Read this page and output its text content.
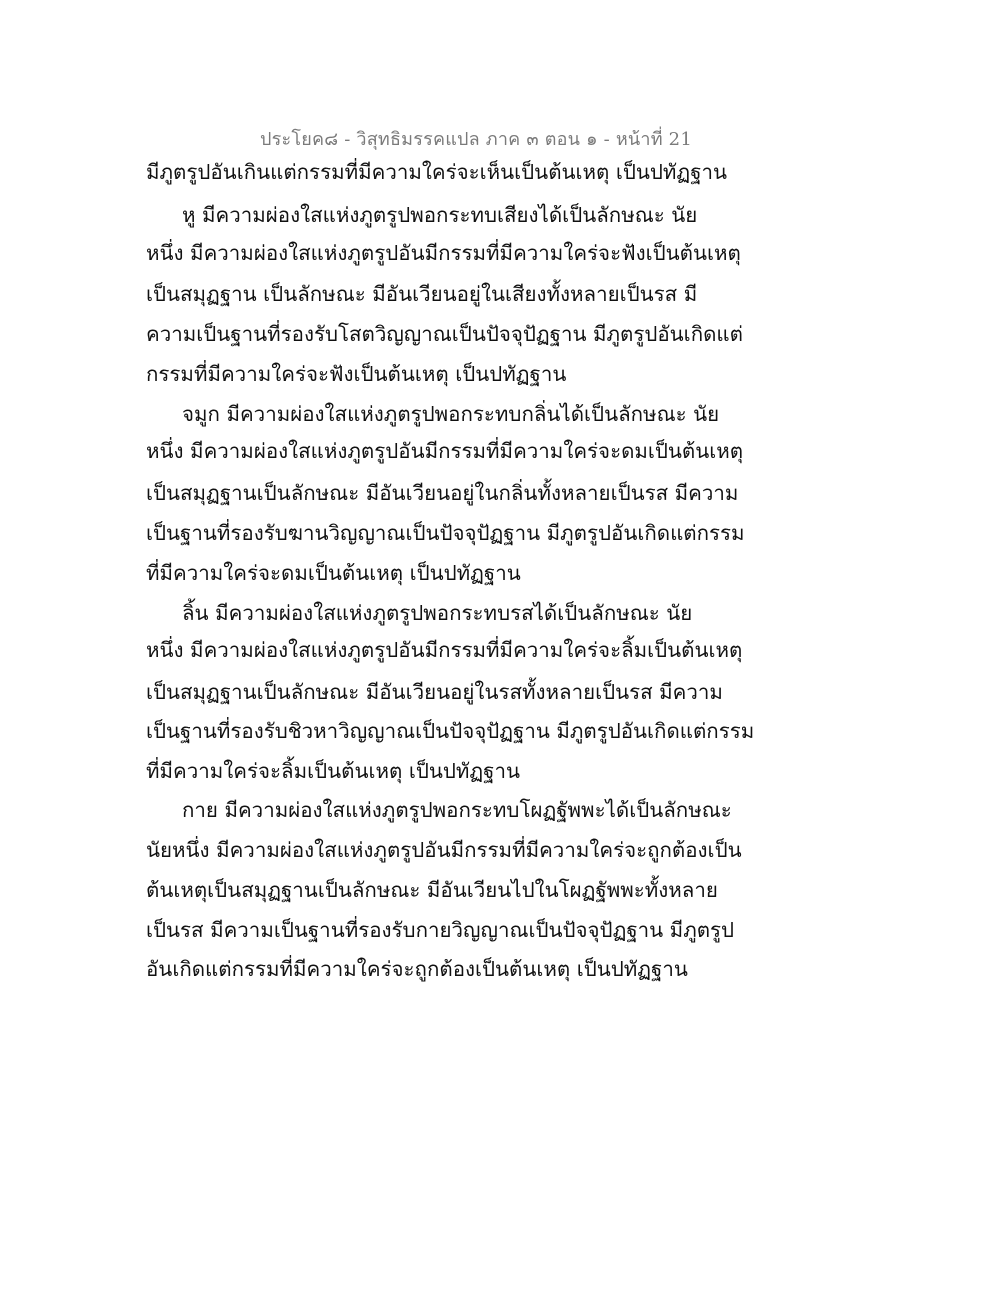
ประโยค๘ - วิสุทธิมรรคแปล ภาค ๓ ตอน ๑ - หน้าที่ 21
มีภูตรูปอันเกินแต่กรรมที่มีความใคร่จะเห็นเป็นต้นเหตุ เป็นปทัฏฐาน
หู มีความผ่องใสแห่งภูตรูปพอกระทบเสียงได้เป็นลักษณะ นัย
หนึ่ง มีความผ่องใสแห่งภูตรูปอันมีกรรมที่มีความใคร่จะฟังเป็นต้นเหตุ
เป็นสมุฏฐาน เป็นลักษณะ มีอันเวียนอยู่ในเสียงทั้งหลายเป็นรส มี
ความเป็นฐานที่รองรับโสตวิญญาณเป็นปัจจุปัฏฐาน มีภูตรูปอันเกิดแต่
กรรมที่มีความใคร่จะฟังเป็นต้นเหตุ เป็นปทัฏฐาน
จมูก มีความผ่องใสแห่งภูตรูปพอกระทบกลิ่นได้เป็นลักษณะ นัย
หนึ่ง มีความผ่องใสแห่งภูตรูปอันมีกรรมที่มีความใคร่จะดมเป็นต้นเหตุ
เป็นสมุฏฐานเป็นลักษณะ มีอันเวียนอยู่ในกลิ่นทั้งหลายเป็นรส มีความ
เป็นฐานที่รองรับฆานวิญญาณเป็นปัจจุปัฏฐาน มีภูตรูปอันเกิดแต่กรรม
ที่มีความใคร่จะดมเป็นต้นเหตุ เป็นปทัฏฐาน
ลิ้น มีความผ่องใสแห่งภูตรูปพอกระทบรสได้เป็นลักษณะ นัย
หนึ่ง มีความผ่องใสแห่งภูตรูปอันมีกรรมที่มีความใคร่จะลิ้มเป็นต้นเหตุ
เป็นสมุฏฐานเป็นลักษณะ มีอันเวียนอยู่ในรสทั้งหลายเป็นรส มีความ
เป็นฐานที่รองรับชิวหาวิญญาณเป็นปัจจุปัฏฐาน มีภูตรูปอันเกิดแต่กรรม
ที่มีความใคร่จะลิ้มเป็นต้นเหตุ เป็นปทัฏฐาน
กาย มีความผ่องใสแห่งภูตรูปพอกระทบโผฏฐัพพะได้เป็นลักษณะ
นัยหนึ่ง มีความผ่องใสแห่งภูตรูปอันมีกรรมที่มีความใคร่จะถูกต้องเป็น
ต้นเหตุเป็นสมุฏฐานเป็นลักษณะ มีอันเวียนไปในโผฏฐัพพะทั้งหลาย
เป็นรส มีความเป็นฐานที่รองรับกายวิญญาณเป็นปัจจุปัฏฐาน มีภูตรูป
อันเกิดแต่กรรมที่มีความใคร่จะถูกต้องเป็นต้นเหตุ เป็นปทัฏฐาน
